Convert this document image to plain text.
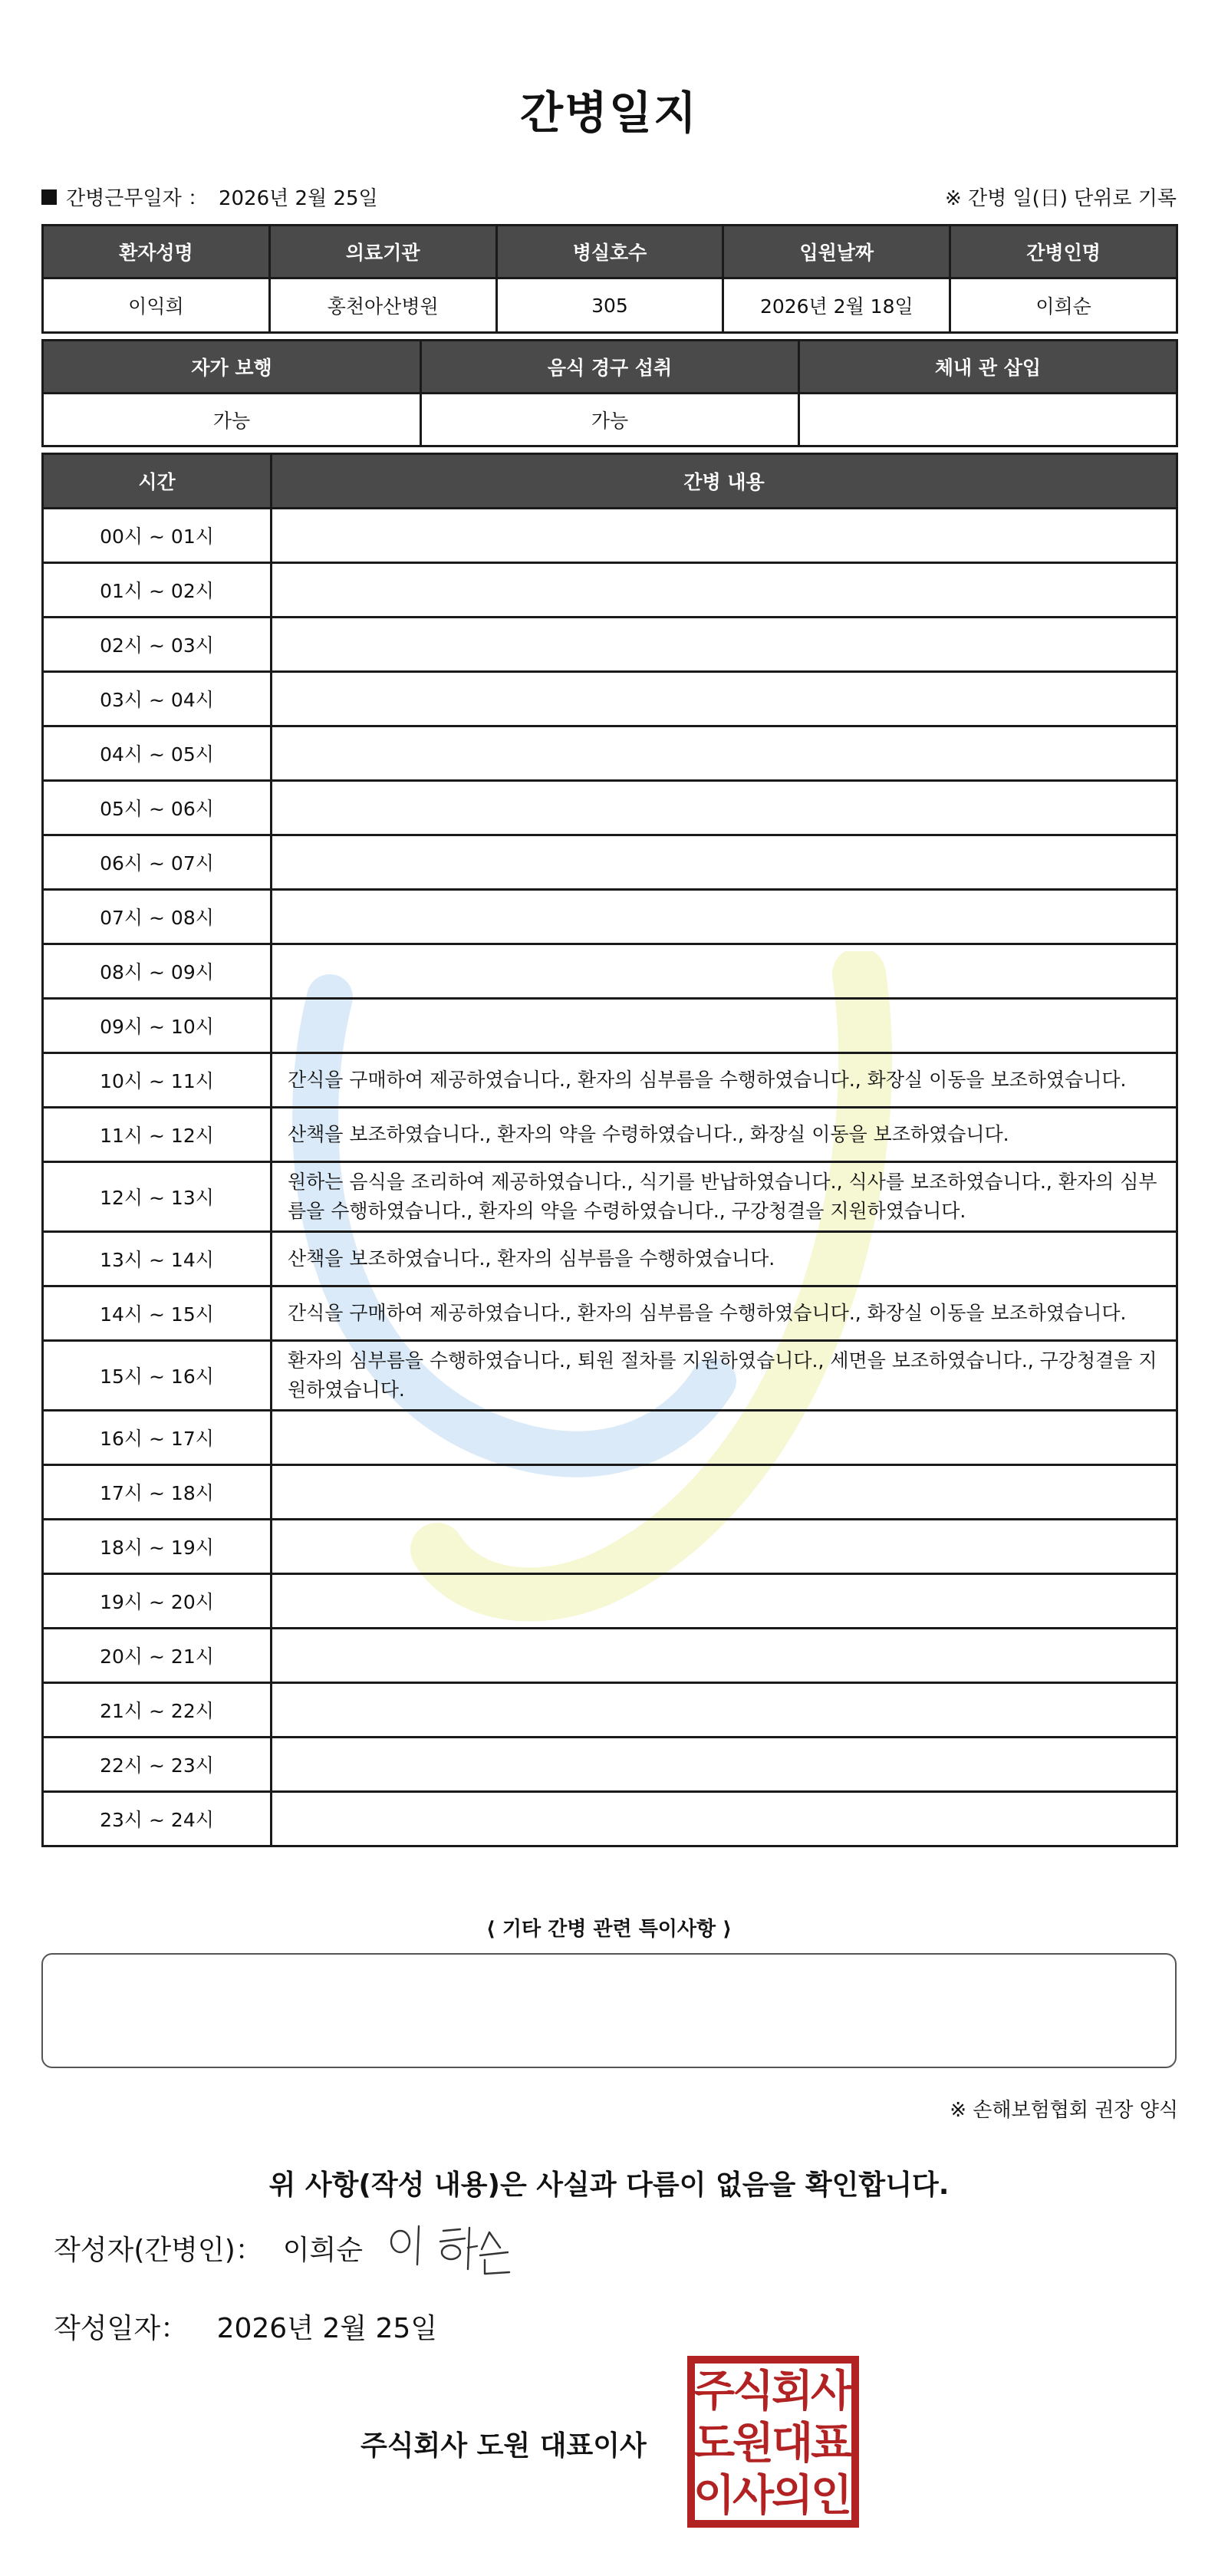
간병일지
간병근무일자 ： 2026년 2월 25일	※ 간병 일(日) 단위로 기록
환자성명	의료기관	병실호수	입원날짜	간병인명
이익희	홍천아산병원	305	2026년 2월 18일	이희순
자가 보행	음식 경구 섭취	체내 관 삽입
가능	가능	
시간	간병 내용
00시 ~ 01시	
01시 ~ 02시	
02시 ~ 03시	
03시 ~ 04시	
04시 ~ 05시	
05시 ~ 06시	
06시 ~ 07시	
07시 ~ 08시	
08시 ~ 09시	
09시 ~ 10시	
10시 ~ 11시	간식을 구매하여 제공하였습니다., 환자의 심부름을 수행하였습니다., 화장실 이동을 보조하였습니다.
11시 ~ 12시	산책을 보조하였습니다., 환자의 약을 수령하였습니다., 화장실 이동을 보조하였습니다.
12시 ~ 13시	원하는 음식을 조리하여 제공하였습니다., 식기를 반납하였습니다., 식사를 보조하였습니다., 환자의 심부름을 수행하였습니다., 환자의 약을 수령하였습니다., 구강청결을 지원하였습니다.
13시 ~ 14시	산책을 보조하였습니다., 환자의 심부름을 수행하였습니다.
14시 ~ 15시	간식을 구매하여 제공하였습니다., 환자의 심부름을 수행하였습니다., 화장실 이동을 보조하였습니다.
15시 ~ 16시	환자의 심부름을 수행하였습니다., 퇴원 절차를 지원하였습니다., 세면을 보조하였습니다., 구강청결을 지원하였습니다.
16시 ~ 17시	
17시 ~ 18시	
18시 ~ 19시	
19시 ~ 20시	
20시 ~ 21시	
21시 ~ 22시	
22시 ~ 23시	
23시 ~ 24시	
⟨ 기타 간병 관련 특이사항 ⟩
※ 손해보험협회 권장 양식
위 사항(작성 내용)은 사실과 다름이 없음을 확인합니다.
작성자(간병인)： 이희순
작성일자： 2026년 2월 25일
주식회사 도원 대표이사
주
식
회
사
도
원
대
표
이
사
의
인
